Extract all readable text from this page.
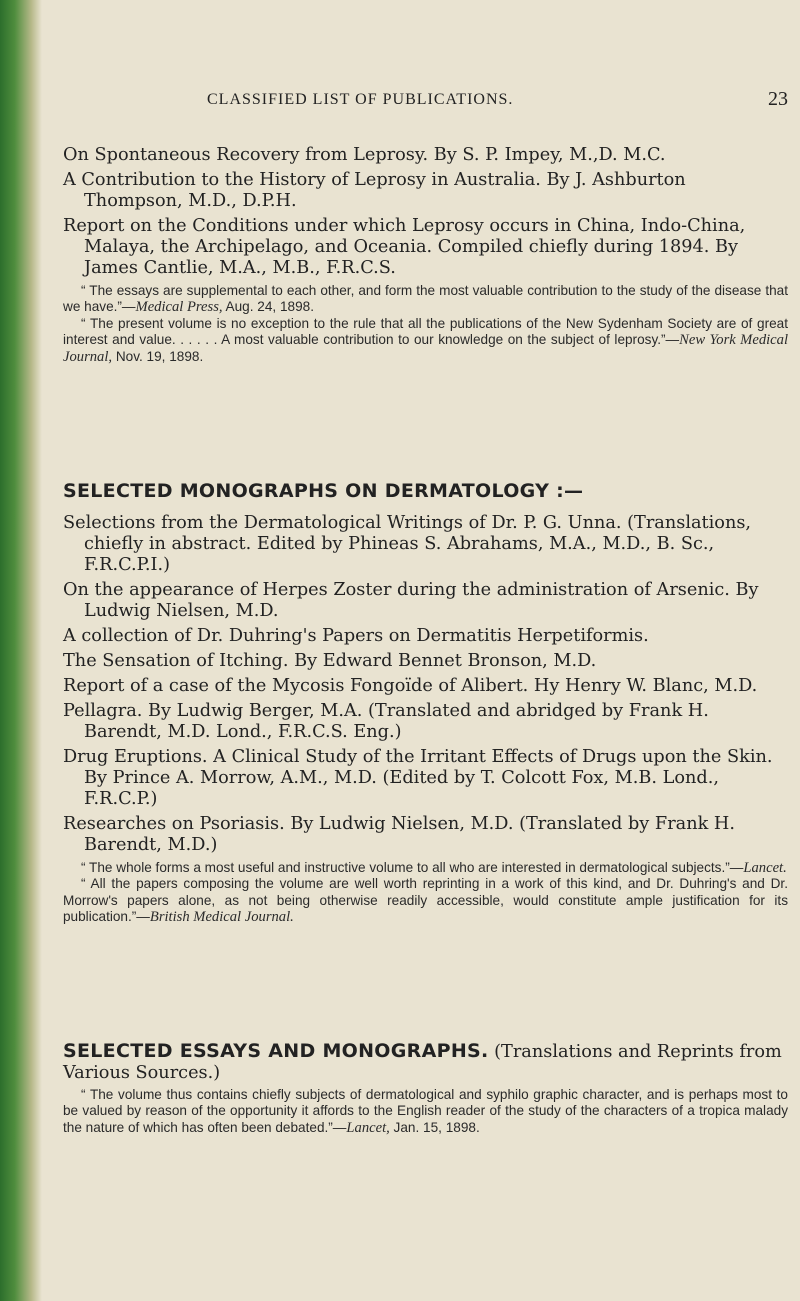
CLASSIFIED LIST OF PUBLICATIONS.	23

On Spontaneous Recovery from Leprosy. By S. P. Impey, M.,D. M.C.

A Contribution to the History of Leprosy in Australia. By J. Ashburton Thompson, M.D., D.P.H.

Report on the Conditions under which Leprosy occurs in China, Indo-China, Malaya, the Archipelago, and Oceania. Compiled chiefly during 1894. By James Cantlie, M.A., M.B., F.R.C.S.

“ The essays are supplemental to each other, and form the most valuable contribution to the study of the disease that we have.”—Medical Press, Aug. 24, 1898.

“ The present volume is no exception to the rule that all the publications of the New Sydenham Society are of great interest and value. . . . . . A most valuable contribution to our knowledge on the subject of leprosy.”—New York Medical Journal, Nov. 19, 1898.

SELECTED MONOGRAPHS ON DERMATOLOGY :—

Selections from the Dermatological Writings of Dr. P. G. Unna. (Translations, chiefly in abstract. Edited by Phineas S. Abrahams, M.A., M.D., B. Sc., F.R.C.P.I.)

On the appearance of Herpes Zoster during the administration of Arsenic. By Ludwig Nielsen, M.D.

A collection of Dr. Duhring's Papers on Dermatitis Herpetiformis.

The Sensation of Itching. By Edward Bennet Bronson, M.D.

Report of a case of the Mycosis Fongoïde of Alibert. Hy Henry W. Blanc, M.D.

Pellagra. By Ludwig Berger, M.A. (Translated and abridged by Frank H. Barendt, M.D. Lond., F.R.C.S. Eng.)

Drug Eruptions. A Clinical Study of the Irritant Effects of Drugs upon the Skin. By Prince A. Morrow, A.M., M.D. (Edited by T. Colcott Fox, M.B. Lond., F.R.C.P.)

Researches on Psoriasis. By Ludwig Nielsen, M.D. (Translated by Frank H. Barendt, M.D.)

“ The whole forms a most useful and instructive volume to all who are interested in dermatological subjects.”—Lancet.

“ All the papers composing the volume are well worth reprinting in a work of this kind, and Dr. Duhring's and Dr. Morrow's papers alone, as not being otherwise readily accessible, would constitute ample justification for its publication.”—British Medical Journal.

SELECTED ESSAYS AND MONOGRAPHS. (Translations and Reprints from Various Sources.)

“ The volume thus contains chiefly subjects of dermatological and syphilo graphic character, and is perhaps most to be valued by reason of the opportunity it affords to the English reader of the study of the characters of a tropica malady the nature of which has often been debated.”—Lancet, Jan. 15, 1898.
